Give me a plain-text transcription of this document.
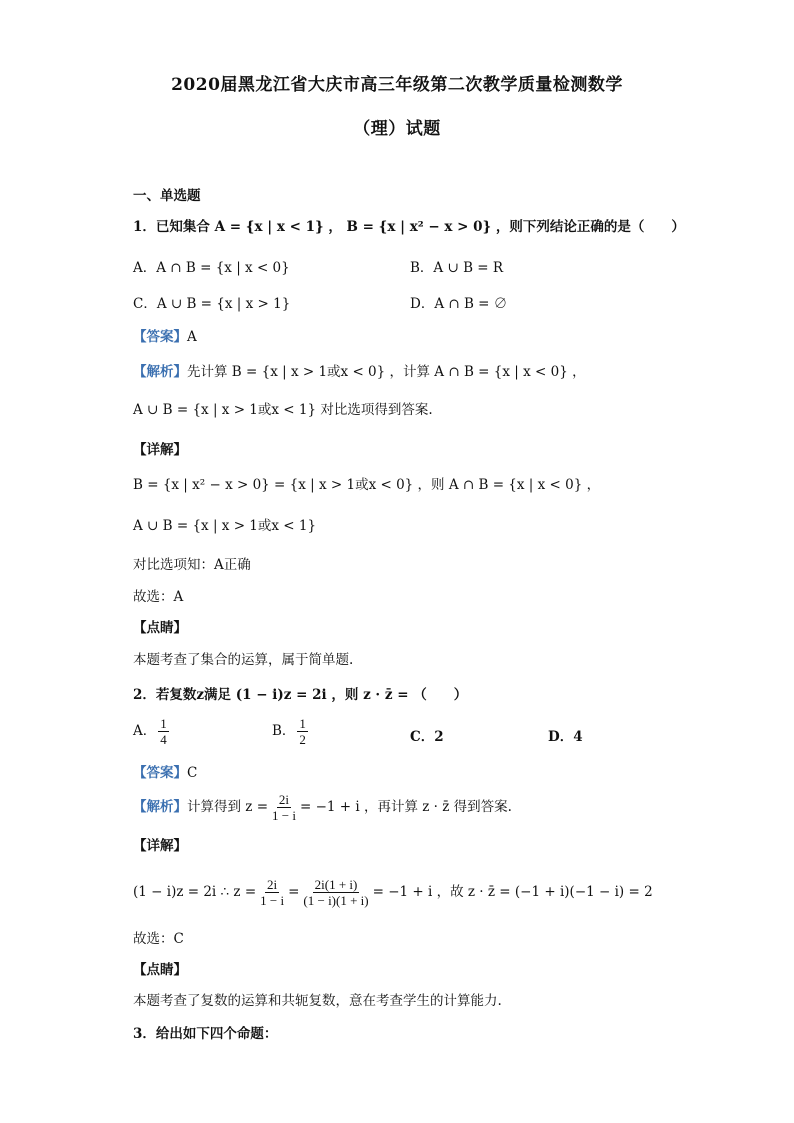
2020届黑龙江省大庆市高三年级第二次教学质量检测数学
（理）试题
一、单选题
1．已知集合 A = {x | x < 1} ， B = {x | x² − x > 0} ，则下列结论正确的是（　　）
A．A ∩ B = {x | x < 0}	B．A ∪ B = R
C．A ∪ B = {x | x > 1}	D．A ∩ B = ∅
【答案】A
【解析】先计算 B = {x | x > 1或x < 0} ，计算 A ∩ B = {x | x < 0} ，
A ∪ B = {x | x > 1或x < 1} 对比选项得到答案.
【详解】
B = {x | x² − x > 0} = {x | x > 1或x < 0} ，则 A ∩ B = {x | x < 0} ，
A ∪ B = {x | x > 1或x < 1}
对比选项知：A正确
故选：A
【点睛】
本题考查了集合的运算，属于简单题.
2．若复数z满足 (1 − i)z = 2i ，则 z · z̄ = （　　）
A． $\frac{1}{4}$	B． $\frac{1}{2}$	C．2	D．4
【答案】C
【解析】计算得到 $z = \frac{2i}{1 - i} = -1 + i$ ，再计算 z · z̄ 得到答案.
【详解】
(1 − i)z = 2i ∴ $z = \frac{2i}{1 - i} = \frac{2i(1 + i)}{(1 - i)(1 + i)} = -1 + i$ ，故 z · z̄ = (−1 + i)(−1 − i) = 2
故选：C
【点睛】
本题考查了复数的运算和共轭复数，意在考查学生的计算能力.
3．给出如下四个命题：
